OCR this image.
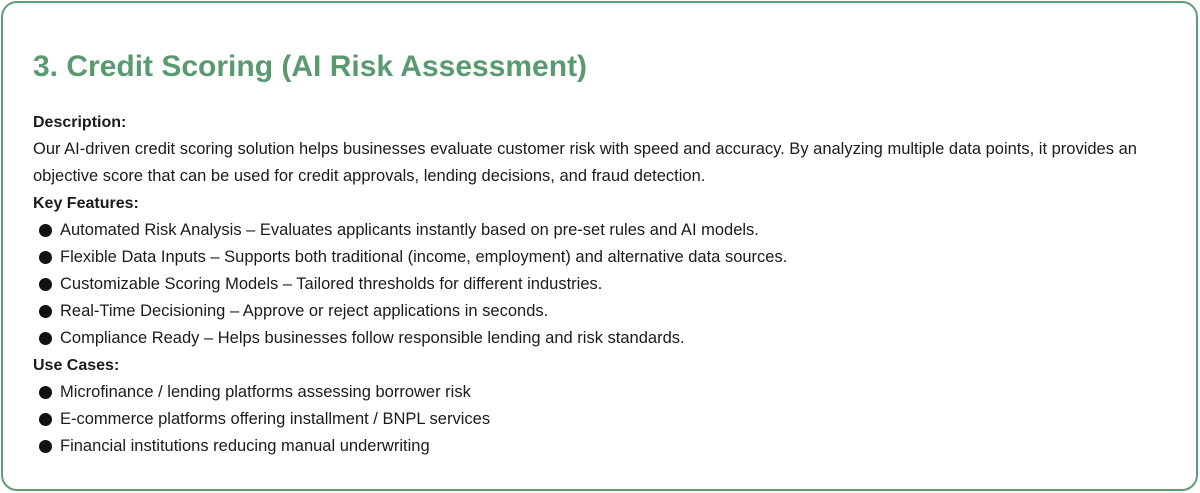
3. Credit Scoring (AI Risk Assessment)
Description:

Our AI-driven credit scoring solution helps businesses evaluate customer risk with speed and accuracy. By analyzing multiple data points, it provides an objective score that can be used for credit approvals, lending decisions, and fraud detection.

Key Features:
Automated Risk Analysis – Evaluates applicants instantly based on pre-set rules and AI models.
Flexible Data Inputs – Supports both traditional (income, employment) and alternative data sources.
Customizable Scoring Models – Tailored thresholds for different industries.
Real-Time Decisioning – Approve or reject applications in seconds.
Compliance Ready – Helps businesses follow responsible lending and risk standards.
Use Cases:
Microfinance / lending platforms assessing borrower risk
E-commerce platforms offering installment / BNPL services
Financial institutions reducing manual underwriting
